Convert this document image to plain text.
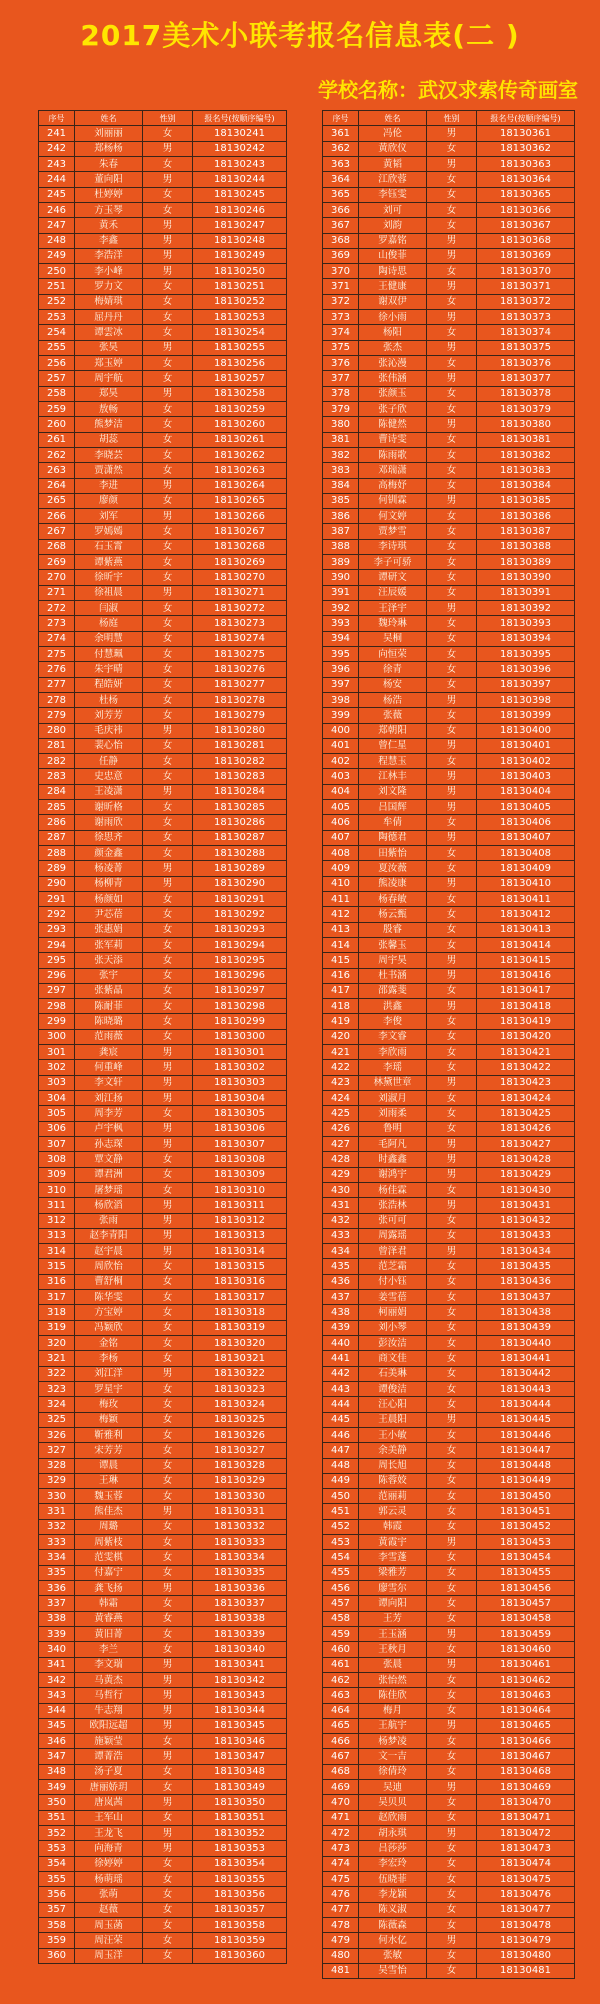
2017美术小联考报名信息表(二 )
学校名称：武汉求索传奇画室
序号	姓名	性别	报名号(按顺序编号)
241	刘丽丽	女	18130241
242	郑杨杨	男	18130242
243	朱春	女	18130243
244	董向阳	男	18130244
245	杜婷婷	女	18130245
246	方玉琴	女	18130246
247	黄禾	男	18130247
248	李鑫	男	18130248
249	李浩洋	男	18130249
250	李小峰	男	18130250
251	罗力文	女	18130251
252	梅婧琪	女	18130252
253	屈丹丹	女	18130253
254	谭雲冰	女	18130254
255	张昊	男	18130255
256	郑玉婷	女	18130256
257	周宇航	女	18130257
258	郑昊	男	18130258
259	敖畅	女	18130259
260	熊梦洁	女	18130260
261	胡蕊	女	18130261
262	李晓芸	女	18130262
263	贾潇然	女	18130263
264	李进	男	18130264
265	廖颜	女	18130265
266	刘军	男	18130266
267	罗嫣嫣	女	18130267
268	石玉霄	女	18130268
269	谭紫燕	女	18130269
270	徐昕宇	女	18130270
271	徐祖晨	男	18130271
272	闫淑	女	18130272
273	杨庭	女	18130273
274	余明慧	女	18130274
275	付慧珮	女	18130275
276	朱宇晴	女	18130276
277	程皓妍	女	18130277
278	杜杨	女	18130278
279	刘芳芳	女	18130279
280	毛庆祎	男	18130280
281	裴心怡	女	18130281
282	任静	女	18130282
283	史忠意	女	18130283
284	王凌潇	男	18130284
285	谢昕格	女	18130285
286	谢雨欣	女	18130286
287	徐思齐	女	18130287
288	颜金鑫	女	18130288
289	杨凌菁	男	18130289
290	杨柳青	男	18130290
291	杨颜如	女	18130291
292	尹芯蓓	女	18130292
293	张惠娟	女	18130293
294	张军莉	女	18130294
295	张天添	女	18130295
296	张宇	女	18130296
297	张紫晶	女	18130297
298	陈耐菲	女	18130298
299	陈晓璐	女	18130299
300	范雨薇	女	18130300
301	龚宸	男	18130301
302	何重峰	男	18130302
303	李文轩	男	18130303
304	刘江扬	男	18130304
305	周李芳	女	18130305
306	卢宇枫	男	18130306
307	孙志琛	男	18130307
308	覃文静	女	18130308
309	谭君洲	女	18130309
310	屠梦瑶	女	18130310
311	杨欣滔	男	18130311
312	张雨	男	18130312
313	赵李青阳	男	18130313
314	赵宇晨	男	18130314
315	周欣怡	女	18130315
316	曹舒桐	女	18130316
317	陈华雯	女	18130317
318	方宝婷	女	18130318
319	冯颖欣	女	18130319
320	金铭	女	18130320
321	李杨	女	18130321
322	刘江洋	男	18130322
323	罗星宇	女	18130323
324	梅玫	女	18130324
325	梅颖	女	18130325
326	靳雅利	女	18130326
327	宋芳芳	女	18130327
328	谭晨	女	18130328
329	王琳	女	18130329
330	魏玉蓉	女	18130330
331	熊佳杰	男	18130331
332	周璐	女	18130332
333	周紫枝	女	18130333
334	范雯棋	女	18130334
335	付嘉宁	女	18130335
336	龚飞扬	男	18130336
337	韩霜	女	18130337
338	黄睿燕	女	18130338
339	黄旧菁	女	18130339
340	李兰	女	18130340
341	李文瑞	男	18130341
342	马黄杰	男	18130342
343	马哲行	男	18130343
344	牛志翔	男	18130344
345	欧阳远超	男	18130345
346	施颖莹	女	18130346
347	谭菁浩	男	18130347
348	汤子夏	女	18130348
349	唐丽娇玥	女	18130349
350	唐岚茜	男	18130350
351	王军山	女	18130351
352	王龙飞	男	18130352
353	向海青	男	18130353
354	徐婷婷	女	18130354
355	杨萌瑶	女	18130355
356	张萌	女	18130356
357	赵薇	女	18130357
358	周玉菡	女	18130358
359	周汪荣	女	18130359
360	周玉洋	女	18130360
序号	姓名	性别	报名号(按顺序编号)
361	冯伦	男	18130361
362	黄欣仪	女	18130362
363	黄韬	男	18130363
364	江欣蓉	女	18130364
365	李钰雯	女	18130365
366	刘可	女	18130366
367	刘韵	女	18130367
368	罗嘉铭	男	18130368
369	山俊菲	男	18130369
370	陶诗思	女	18130370
371	王健康	男	18130371
372	谢双伊	女	18130372
373	徐小雨	男	18130373
374	杨阳	女	18130374
375	张杰	男	18130375
376	张沁漫	女	18130376
377	张伟涵	男	18130377
378	张颜玉	女	18130378
379	张子欣	女	18130379
380	陈健然	男	18130380
381	曹诗雯	女	18130381
382	陈雨歌	女	18130382
383	邓瑞潇	女	18130383
384	高梅妤	女	18130384
385	何钏霖	男	18130385
386	何文婷	女	18130386
387	贾梦雪	女	18130387
388	李诗琪	女	18130388
389	李子可骄	女	18130389
390	谭研文	女	18130390
391	汪辰媛	女	18130391
392	王泽宇	男	18130392
393	魏玲琳	女	18130393
394	吴桐	女	18130394
395	向恒荣	女	18130395
396	徐青	女	18130396
397	杨安	女	18130397
398	杨浩	男	18130398
399	张薇	女	18130399
400	郑朝阳	女	18130400
401	曾仁星	男	18130401
402	程慧玉	女	18130402
403	江林丰	男	18130403
404	刘文隆	男	18130404
405	吕国辉	男	18130405
406	牟倩	女	18130406
407	陶德君	男	18130407
408	田紫怡	女	18130408
409	夏汝薇	女	18130409
410	熊凌康	男	18130410
411	杨春敏	女	18130411
412	杨云甄	女	18130412
413	殷睿	女	18130413
414	张馨玉	女	18130414
415	周宇昊	男	18130415
416	杜书涵	男	18130416
417	邵露斐	女	18130417
418	洪鑫	男	18130418
419	李俊	女	18130419
420	李文睿	女	18130420
421	李欣雨	女	18130421
422	李瑶	女	18130422
423	林黛世章	男	18130423
424	刘淑月	女	18130424
425	刘雨柔	女	18130425
426	鲁明	女	18130426
427	毛阿凡	男	18130427
428	时鑫鑫	男	18130428
429	谢鸿宇	男	18130429
430	杨佳霖	女	18130430
431	张浩林	男	18130431
432	张可可	女	18130432
433	周露瑶	女	18130433
434	曾泽君	男	18130434
435	范芝霜	女	18130435
436	付小钰	女	18130436
437	姜雪蓓	女	18130437
438	柯丽娟	女	18130438
439	刘小琴	女	18130439
440	彭汝洁	女	18130440
441	商文佳	女	18130441
442	石美琳	女	18130442
443	谭俊洁	女	18130443
444	汪心阳	女	18130444
445	王晨阳	男	18130445
446	王小敏	女	18130446
447	余美静	女	18130447
448	周长旭	女	18130448
449	陈蓉姣	女	18130449
450	范丽莉	女	18130450
451	郭云灵	女	18130451
452	韩霞	女	18130452
453	黄霞宇	男	18130453
454	李雪蓬	女	18130454
455	梁雅芳	女	18130455
456	廖雪尔	女	18130456
457	谭向阳	女	18130457
458	王芳	女	18130458
459	王玉涵	男	18130459
460	王秋月	女	18130460
461	张晨	男	18130461
462	张怡然	女	18130462
463	陈佳欣	女	18130463
464	梅月	女	18130464
465	王航宇	男	18130465
466	杨梦凌	女	18130466
467	文一吉	女	18130467
468	徐倩玲	女	18130468
469	吴迪	男	18130469
470	吴贝贝	女	18130470
471	赵欣雨	女	18130471
472	胡永琪	男	18130472
473	吕莎莎	女	18130473
474	李宏玲	女	18130474
475	伍晓菲	女	18130475
476	李龙颖	女	18130476
477	陈义淑	女	18130477
478	陈薇森	女	18130478
479	何水亿	男	18130479
480	张敏	女	18130480
481	吴雪怡	女	18130481
